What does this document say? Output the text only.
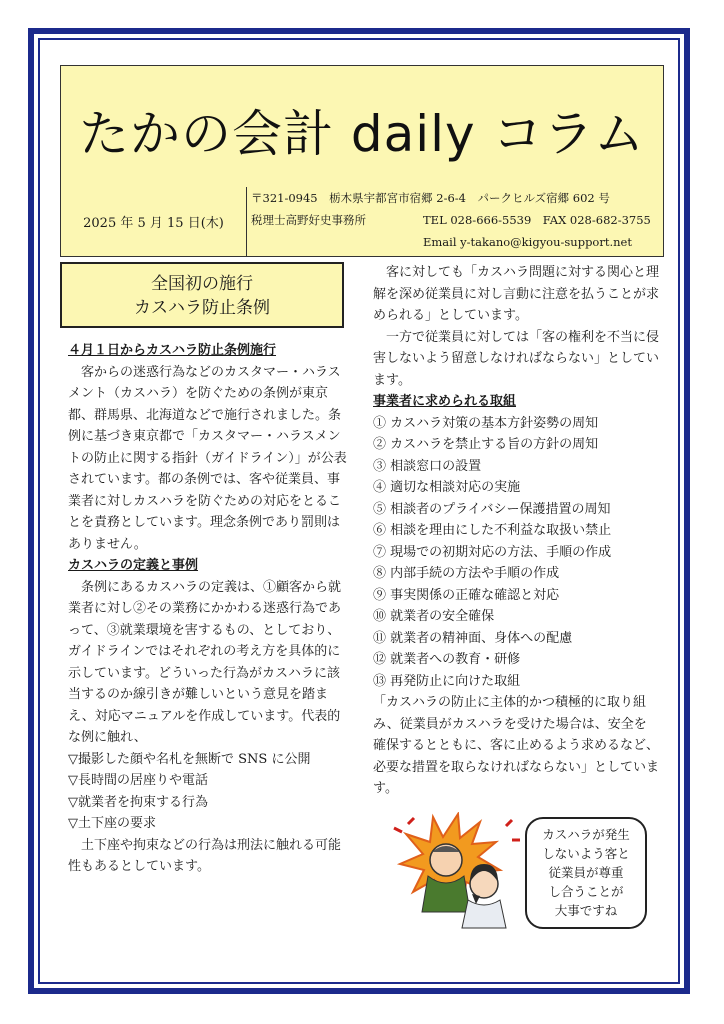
たかの会計 daily コラム
2025 年 5 月 15 日(木)
〒321-0945　栃木県宇都宮市宿郷 2-6-4　パークヒルズ宿郷 602 号
税理士高野好史事務所	TEL 028-666-5539　FAX 028-682-3755
Email y-takano@kigyou-support.net
全国初の施行
カスハラ防止条例

４月１日からカスハラ防止条例施行

客からの迷惑行為などのカスタマー・ハラスメント（カスハラ）を防ぐための条例が東京都、群馬県、北海道などで施行されました。条例に基づき東京都で「カスタマー・ハラスメントの防止に関する指針（ガイドライン）」が公表されています。都の条例では、客や従業員、事業者に対しカスハラを防ぐための対応をとることを責務としています。理念条例であり罰則はありません。

カスハラの定義と事例

条例にあるカスハラの定義は、①顧客から就業者に対し②その業務にかかわる迷惑行為であって、③就業環境を害するもの、としており、ガイドラインではそれぞれの考え方を具体的に示しています。どういった行為がカスハラに該当するのか線引きが難しいという意見を踏まえ、対応マニュアルを作成しています。代表的な例に触れ、

▽撮影した顔や名札を無断で SNS に公開

▽長時間の居座りや電話

▽就業者を拘束する行為

▽土下座の要求

土下座や拘束などの行為は刑法に触れる可能性もあるとしています。

客に対しても「カスハラ問題に対する関心と理解を深め従業員に対し言動に注意を払うことが求められる」としています。

一方で従業員に対しては「客の権利を不当に侵害しないよう留意しなければならない」としています。

事業者に求められる取組

① カスハラ対策の基本方針姿勢の周知

② カスハラを禁止する旨の方針の周知

③ 相談窓口の設置

④ 適切な相談対応の実施

⑤ 相談者のプライバシー保護措置の周知

⑥ 相談を理由にした不利益な取扱い禁止

⑦ 現場での初期対応の方法、手順の作成

⑧ 内部手続の方法や手順の作成

⑨ 事実関係の正確な確認と対応

⑩ 就業者の安全確保

⑪ 就業者の精神面、身体への配慮

⑫ 就業者への教育・研修

⑬ 再発防止に向けた取組

「カスハラの防止に主体的かつ積極的に取り組み、従業員がカスハラを受けた場合は、安全を確保するとともに、客に止めるよう求めるなど、必要な措置を取らなければならない」としています。

カスハラが発生
しないよう客と
従業員が尊重
し合うことが
大事ですね
